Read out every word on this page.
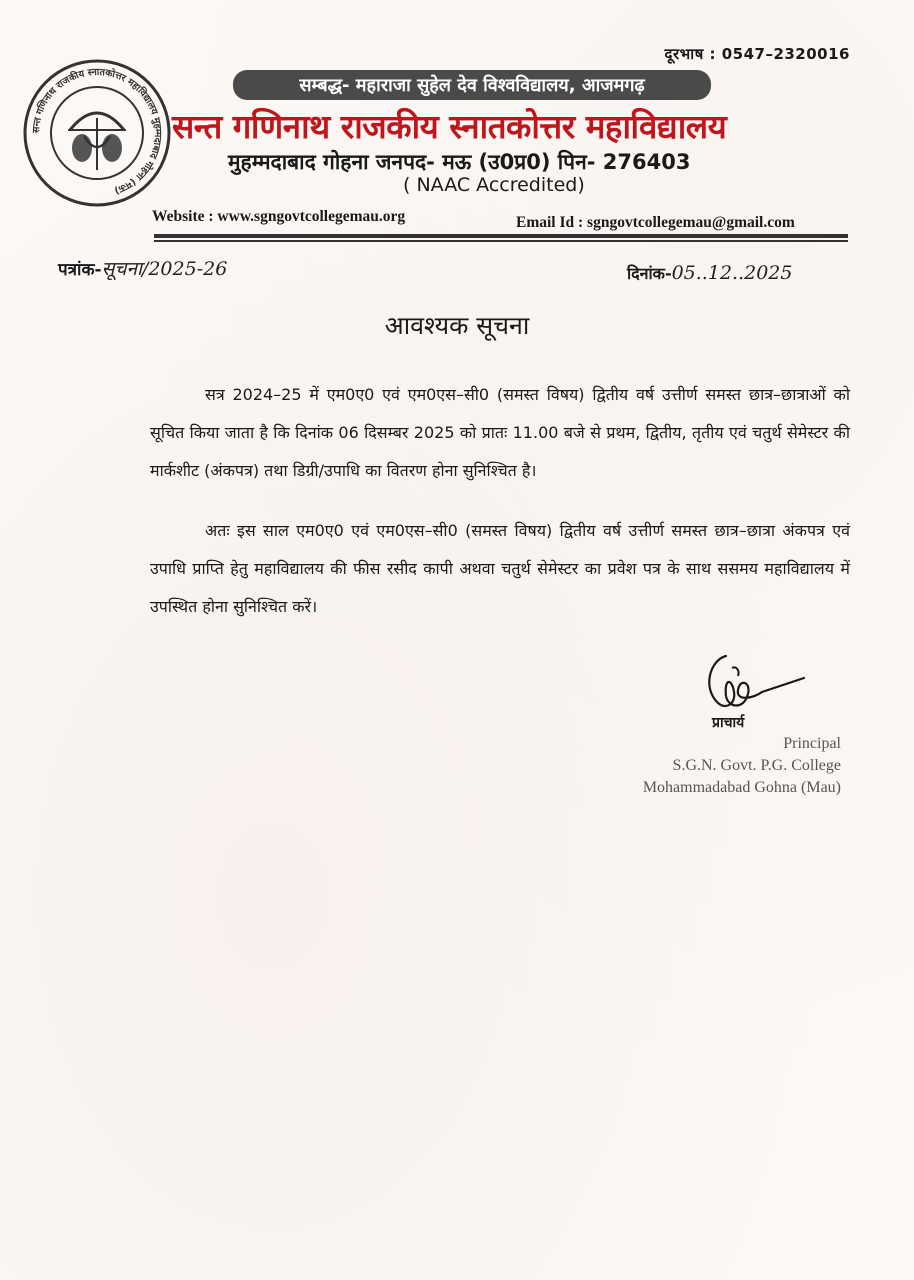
दूरभाष : 0547–2320016
सन्त गणिनाथ राजकीय स्नातकोत्तर महाविद्यालय मुहम्मदाबाद गोहना (मऊ)
सम्बद्ध- महाराजा सुहेल देव विश्वविद्यालय, आजमगढ़
सन्त गणिनाथ राजकीय स्नातकोत्तर महाविद्यालय
मुहम्मदाबाद गोहना जनपद- मऊ (उ0प्र0) पिन- 276403
( NAAC Accredited)
Website : www.sgngovtcollegemau.org	Email Id : sgngovtcollegemau@gmail.com
पत्रांक-सूचना/2025-26	दिनांक-05..12..2025
आवश्यक सूचना
सत्र 2024–25 में एम0ए0 एवं एम0एस–सी0 (समस्त विषय) द्वितीय वर्ष उत्तीर्ण समस्त छात्र–छात्राओं को सूचित किया जाता है कि दिनांक 06 दिसम्बर 2025 को प्रातः 11.00 बजे से प्रथम, द्वितीय, तृतीय एवं चतुर्थ सेमेस्टर की मार्कशीट (अंकपत्र) तथा डिग्री/उपाधि का वितरण होना सुनिश्चित है।
अतः इस साल एम0ए0 एवं एम0एस–सी0 (समस्त विषय) द्वितीय वर्ष उत्तीर्ण समस्त छात्र–छात्रा अंकपत्र एवं उपाधि प्राप्ति हेतु महाविद्यालय की फीस रसीद कापी अथवा चतुर्थ सेमेस्टर का प्रवेश पत्र के साथ ससमय महाविद्यालय में उपस्थित होना सुनिश्चित करें।
प्राचार्य
Principal
S.G.N. Govt. P.G. College
Mohammadabad Gohna (Mau)
